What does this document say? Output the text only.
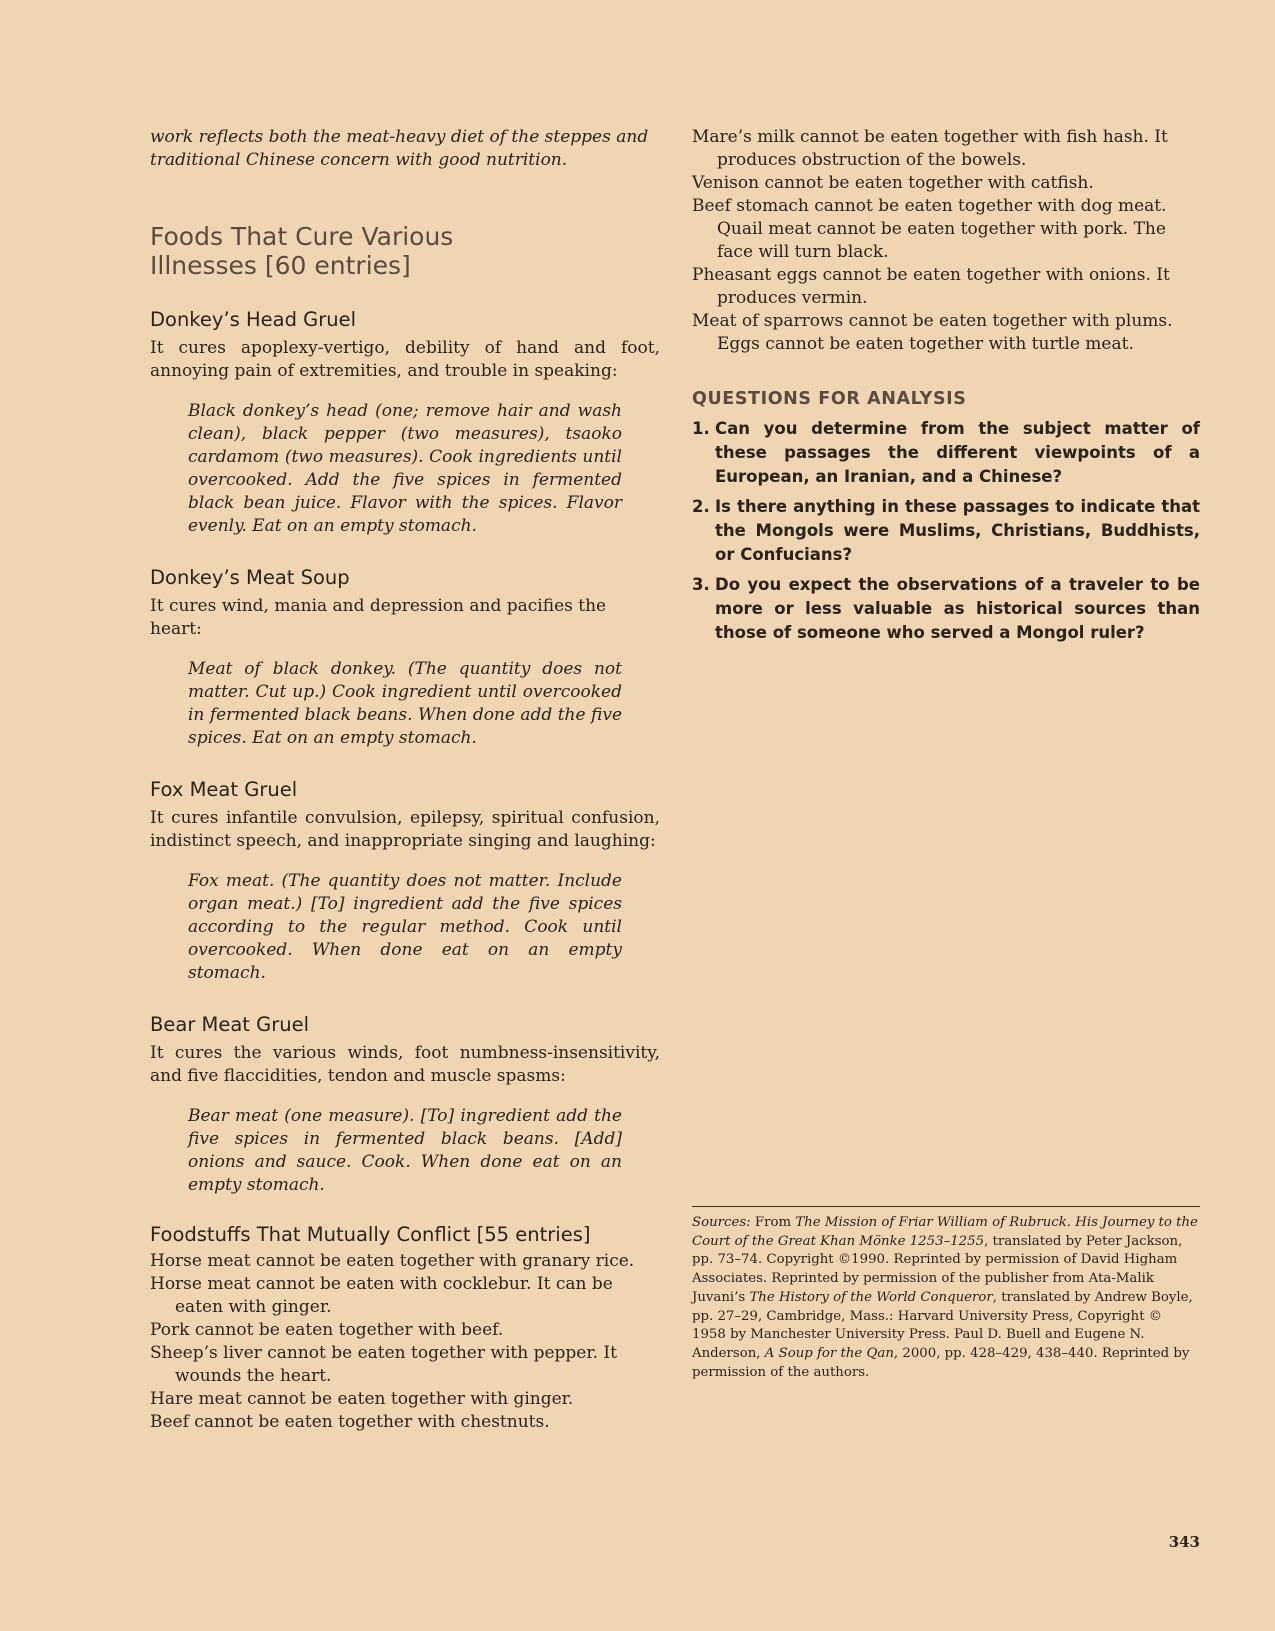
work reflects both the meat-heavy diet of the steppes and traditional Chinese concern with good nutrition.

Foods That Cure Various
Illnesses [60 entries]
Donkey’s Head Gruel

It cures apoplexy-vertigo, debility of hand and foot, annoying pain of extremities, and trouble in speaking:

Black donkey’s head (one; remove hair and wash clean), black pepper (two measures), tsaoko cardamom (two measures). Cook ingredients until overcooked. Add the five spices in fermented black bean juice. Flavor with the spices. Flavor evenly. Eat on an empty stomach.

Donkey’s Meat Soup

It cures wind, mania and depression and pacifies the heart:

Meat of black donkey. (The quantity does not matter. Cut up.) Cook ingredient until overcooked in fermented black beans. When done add the five spices. Eat on an empty stomach.

Fox Meat Gruel

It cures infantile convulsion, epilepsy, spiritual confusion, indistinct speech, and inappropriate singing and laughing:

Fox meat. (The quantity does not matter. Include organ meat.) [To] ingredient add the five spices according to the regular method. Cook until overcooked. When done eat on an empty stomach.

Bear Meat Gruel

It cures the various winds, foot numbness-insensitivity, and five flaccidities, tendon and muscle spasms:

Bear meat (one measure). [To] ingredient add the five spices in fermented black beans. [Add] onions and sauce. Cook. When done eat on an empty stomach.

Foodstuffs That Mutually Conflict [55 entries]
Horse meat cannot be eaten together with granary rice.
Horse meat cannot be eaten with cocklebur. It can be eaten with ginger.
Pork cannot be eaten together with beef.
Sheep’s liver cannot be eaten together with pepper. It wounds the heart.
Hare meat cannot be eaten together with ginger.
Beef cannot be eaten together with chestnuts.
Mare’s milk cannot be eaten together with fish hash. It produces obstruction of the bowels.
Venison cannot be eaten together with catfish.
Beef stomach cannot be eaten together with dog meat. Quail meat cannot be eaten together with pork. The face will turn black.
Pheasant eggs cannot be eaten together with onions. It produces vermin.
Meat of sparrows cannot be eaten together with plums. Eggs cannot be eaten together with turtle meat.
QUESTIONS FOR ANALYSIS
1. Can you determine from the subject matter of these passages the different viewpoints of a European, an Iranian, and a Chinese?
2. Is there anything in these passages to indicate that the Mongols were Muslims, Christians, Buddhists, or Confucians?
3. Do you expect the observations of a traveler to be more or less valuable as historical sources than those of someone who served a Mongol ruler?
Sources: From The Mission of Friar William of Rubruck. His Journey to the Court of the Great Khan Mönke 1253–1255, translated by Peter Jackson, pp. 73–74. Copyright ©1990. Reprinted by permission of David Higham Associates. Reprinted by permission of the publisher from Ata-Malik Juvani’s The History of the World Conqueror, translated by Andrew Boyle, pp. 27–29, Cambridge, Mass.: Harvard University Press, Copyright © 1958 by Manchester University Press. Paul D. Buell and Eugene N. Anderson, A Soup for the Qan, 2000, pp. 428–429, 438–440. Reprinted by permission of the authors.
343
